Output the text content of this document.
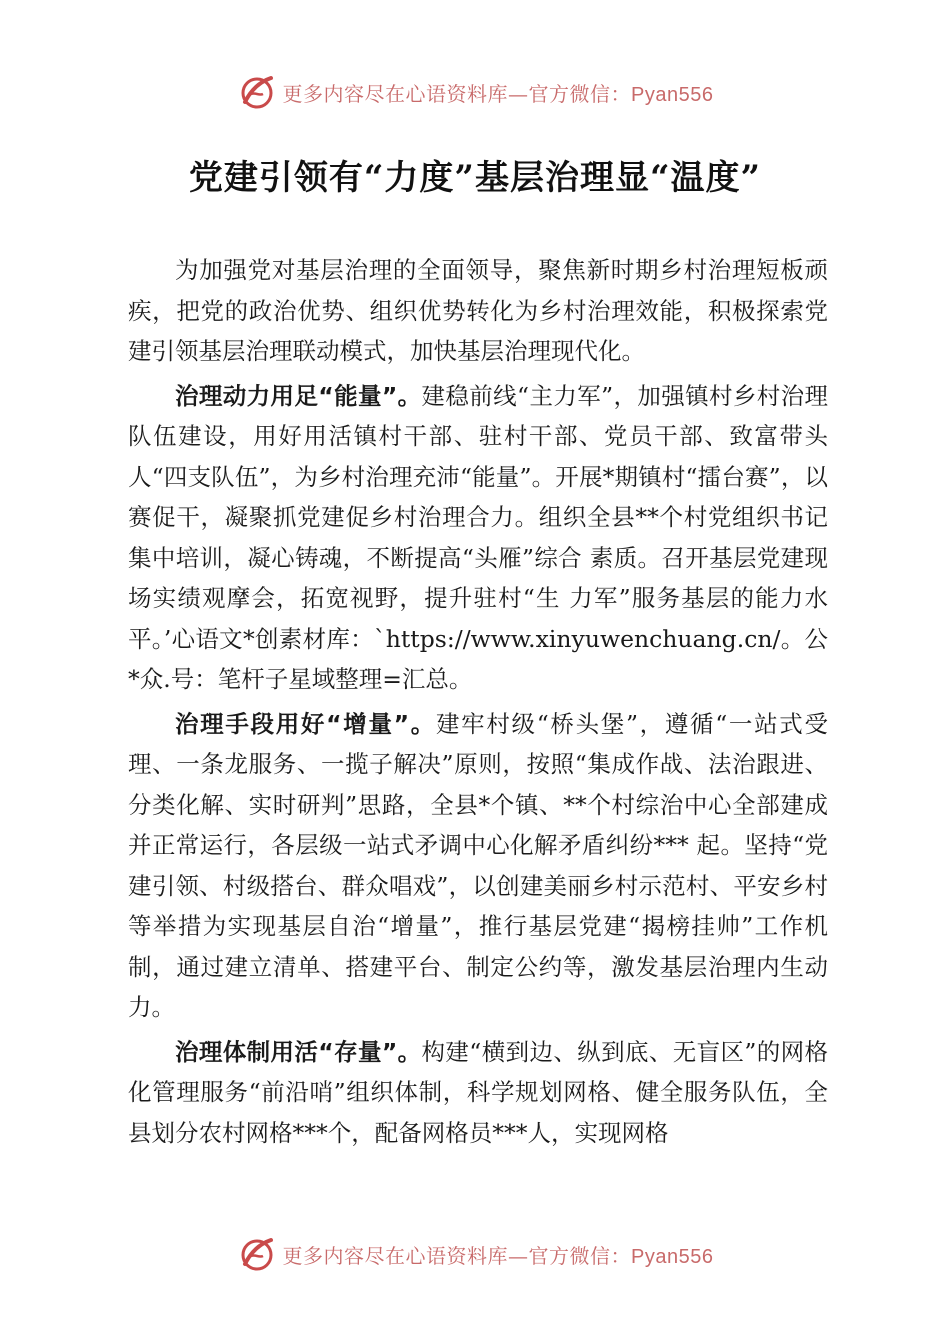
更多内容尽在心语资料库—官方微信：Pyan556
党建引领有“力度”基层治理显“温度”

为加强党对基层治理的全面领导，聚焦新时期乡村治理短板顽疾，把党的政治优势、组织优势转化为乡村治理效能，积极探索党建引领基层治理联动模式，加快基层治理现代化。

治理动力用足“能量”。建稳前线“主力军”，加强镇村乡村治理队伍建设，用好用活镇村干部、驻村干部、党员干部、致富带头人“四支队伍”，为乡村治理充沛“能量”。开展*期镇村“擂台赛”，以赛促干，凝聚抓党建促乡村治理合力。组织全县**个村党组织书记集中培训，凝心铸魂，不断提高“头雁”综合 素质。召开基层党建现场实绩观摩会，拓宽视野，提升驻村“生 力军”服务基层的能力水平。’心语文*创素材库：`https://www.xinyuwenchuang.cn/。公*众.号：笔杆子星域整理=汇总。

治理手段用好“增量”。建牢村级“桥头堡”，遵循“一站式受理、一条龙服务、一揽子解决”原则，按照“集成作战、法治跟进、分类化解、实时研判”思路，全县*个镇、**个村综治中心全部建成并正常运行，各层级一站式矛调中心化解矛盾纠纷*** 起。坚持“党建引领、村级搭台、群众唱戏”，以创建美丽乡村示范村、平安乡村等举措为实现基层自治“增量”，推行基层党建“揭榜挂帅”工作机制，通过建立清单、搭建平台、制定公约等，激发基层治理内生动力。

治理体制用活“存量”。构建“横到边、纵到底、无盲区”的网格化管理服务“前沿哨”组织体制，科学规划网格、健全服务队伍，全县划分农村网格***个，配备网格员***人，实现网格

更多内容尽在心语资料库—官方微信：Pyan556
